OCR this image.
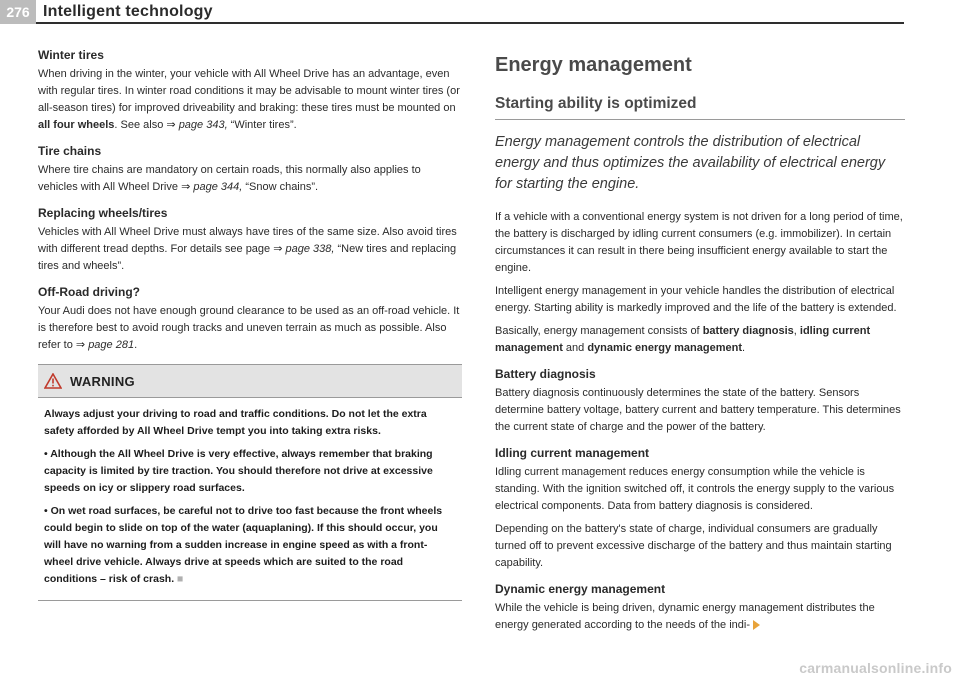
276 Intelligent technology
Winter tires

When driving in the winter, your vehicle with All Wheel Drive has an advantage, even with regular tires. In winter road conditions it may be advisable to mount winter tires (or all-season tires) for improved driveability and braking: these tires must be mounted on all four wheels. See also ⇒ page 343, “Winter tires”.

Tire chains

Where tire chains are mandatory on certain roads, this normally also applies to vehicles with All Wheel Drive ⇒ page 344, “Snow chains”.

Replacing wheels/tires

Vehicles with All Wheel Drive must always have tires of the same size. Also avoid tires with different tread depths. For details see page ⇒ page 338, “New tires and replacing tires and wheels”.

Off-Road driving?

Your Audi does not have enough ground clearance to be used as an off-road vehicle. It is therefore best to avoid rough tracks and uneven terrain as much as possible. Also refer to ⇒ page 281.

WARNING

Always adjust your driving to road and traffic conditions. Do not let the extra safety afforded by All Wheel Drive tempt you into taking extra risks.

• Although the All Wheel Drive is very effective, always remember that braking capacity is limited by tire traction. You should therefore not drive at excessive speeds on icy or slippery road surfaces.

• On wet road surfaces, be careful not to drive too fast because the front wheels could begin to slide on top of the water (aquaplaning). If this should occur, you will have no warning from a sudden increase in engine speed as with a front-wheel drive vehicle. Always drive at speeds which are suited to the road conditions – risk of crash. ■

Energy management
Starting ability is optimized
Energy management controls the distribution of electrical energy and thus optimizes the availability of electrical energy for starting the engine.

If a vehicle with a conventional energy system is not driven for a long period of time, the battery is discharged by idling current consumers (e.g. immobilizer). In certain circumstances it can result in there being insufficient energy available to start the engine.

Intelligent energy management in your vehicle handles the distribution of electrical energy. Starting ability is markedly improved and the life of the battery is extended.

Basically, energy management consists of battery diagnosis, idling current management and dynamic energy management.

Battery diagnosis

Battery diagnosis continuously determines the state of the battery. Sensors determine battery voltage, battery current and battery temperature. This determines the current state of charge and the power of the battery.

Idling current management

Idling current management reduces energy consumption while the vehicle is standing. With the ignition switched off, it controls the energy supply to the various electrical components. Data from battery diagnosis is considered.

Depending on the battery's state of charge, individual consumers are gradually turned off to prevent excessive discharge of the battery and thus maintain starting capability.

Dynamic energy management

While the vehicle is being driven, dynamic energy management distributes the energy generated according to the needs of the indi-

carmanualsonline.info
